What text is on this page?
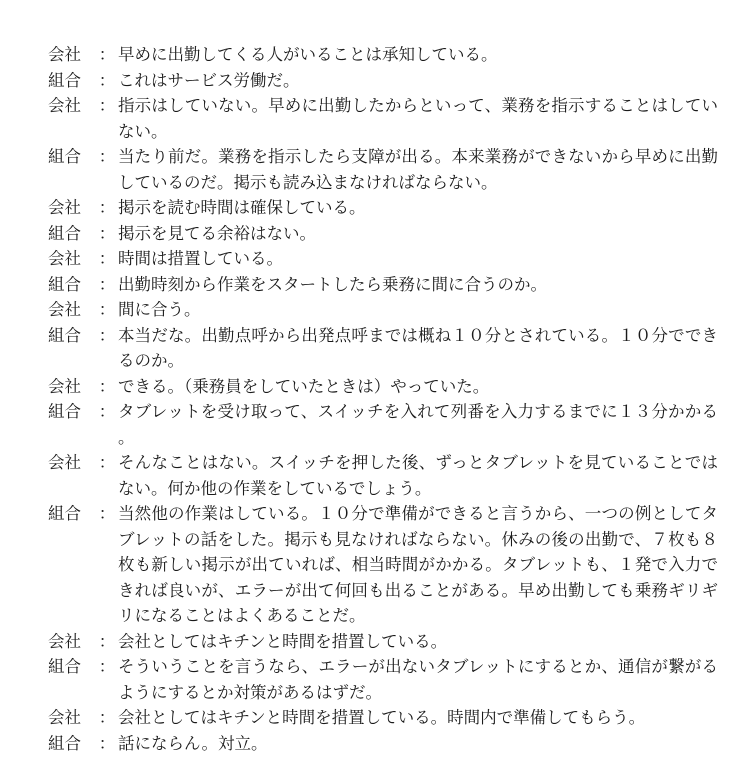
会社	： 早めに出勤してくる人がいることは承知している。
組合	： これはサービス労働だ。
会社	： 指示はしていない。早めに出勤したからといって、業務を指示することはしていない。
組合	： 当たり前だ。業務を指示したら支障が出る。本来業務ができないから早めに出勤しているのだ。掲示も読み込まなければならない。
会社	： 掲示を読む時間は確保している。
組合	： 掲示を見てる余裕はない。
会社	： 時間は措置している。
組合	： 出勤時刻から作業をスタートしたら乗務に間に合うのか。
会社	： 間に合う。
組合	： 本当だな。出勤点呼から出発点呼までは概ね１０分とされている。１０分でできるのか。
会社	： できる。（乗務員をしていたときは）やっていた。
組合	： タブレットを受け取って、スイッチを入れて列番を入力するまでに１３分かかる。
会社	： そんなことはない。スイッチを押した後、ずっとタブレットを見ていることではない。何か他の作業をしているでしょう。
組合	： 当然他の作業はしている。１０分で準備ができると言うから、一つの例としてタブレットの話をした。掲示も見なければならない。休みの後の出勤で、７枚も８枚も新しい掲示が出ていれば、相当時間がかかる。タブレットも、１発で入力できれば良いが、エラーが出て何回も出ることがある。早め出勤しても乗務ギリギリになることはよくあることだ。
会社	： 会社としてはキチンと時間を措置している。
組合	： そういうことを言うなら、エラーが出ないタブレットにするとか、通信が繋がるようにするとか対策があるはずだ。
会社	： 会社としてはキチンと時間を措置している。時間内で準備してもらう。
組合	： 話にならん。対立。
